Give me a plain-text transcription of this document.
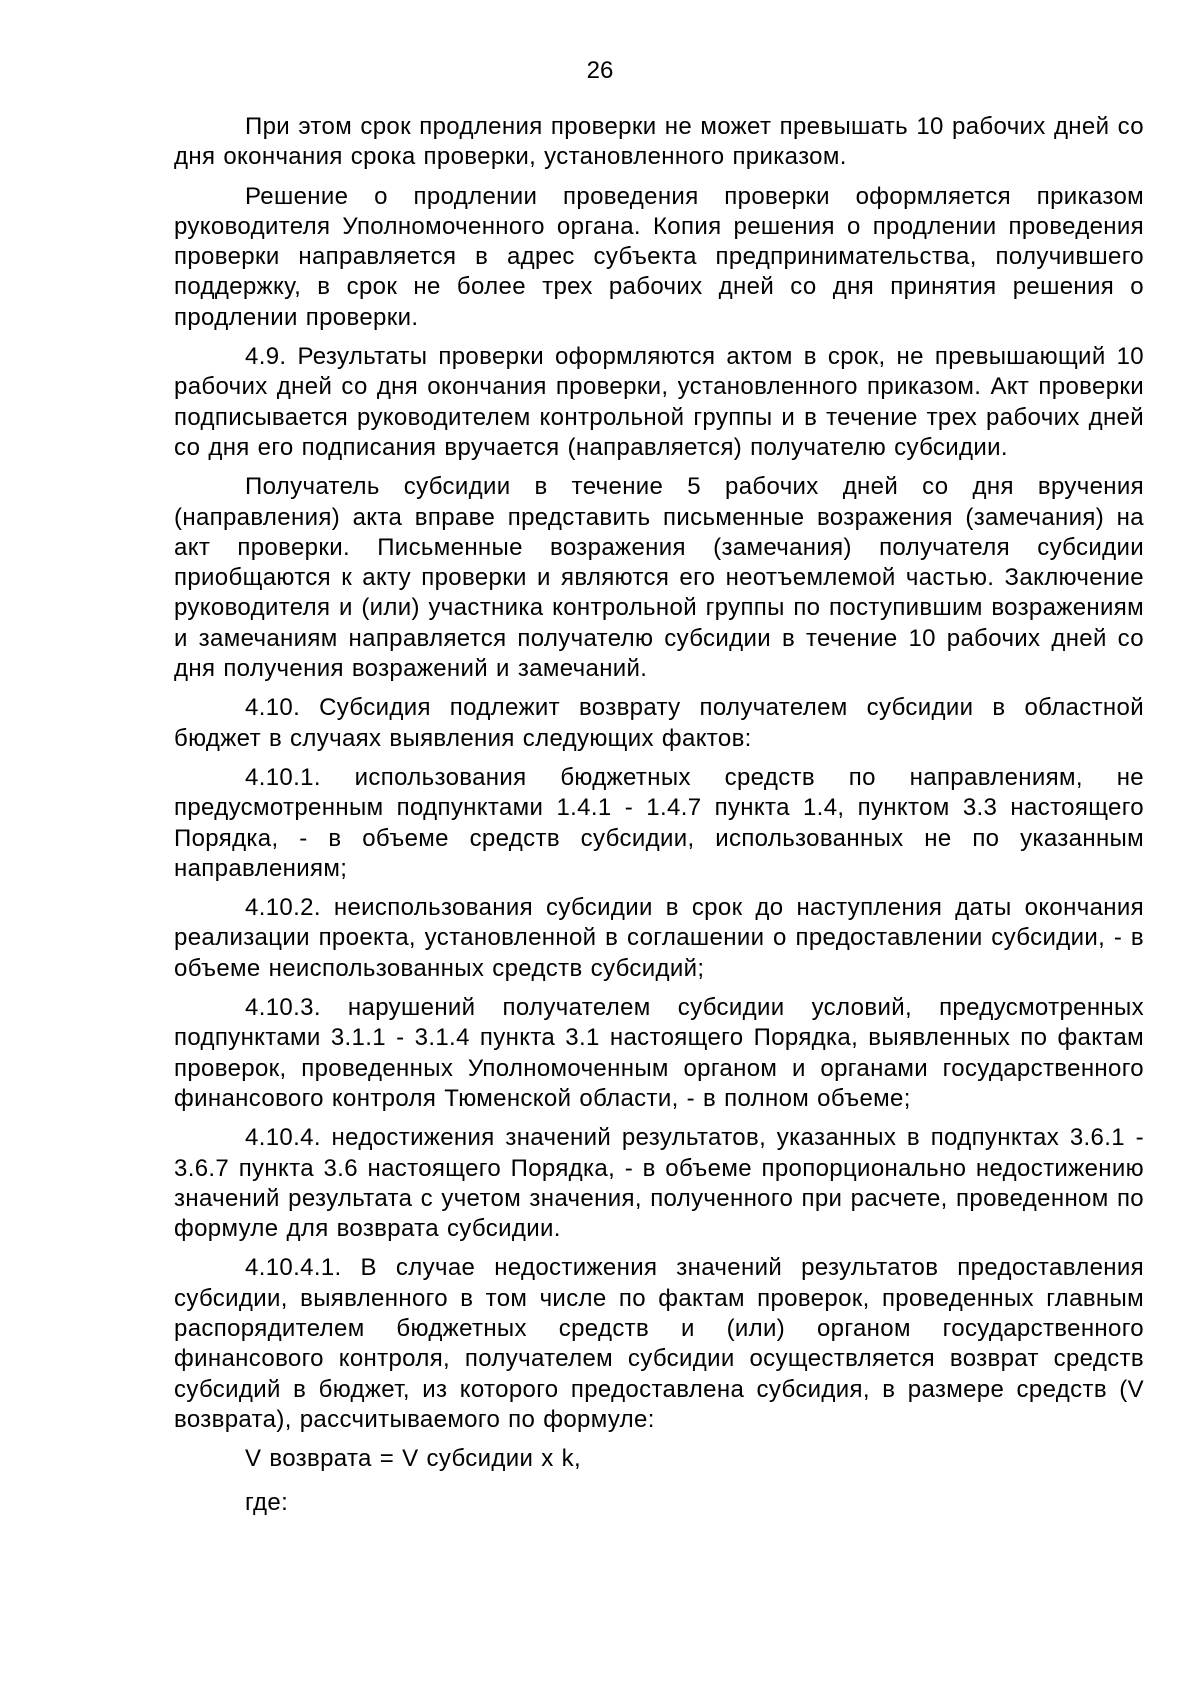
26

При этом срок продления проверки не может превышать 10 рабочих дней со дня окончания срока проверки, установленного приказом.

Решение о продлении проведения проверки оформляется приказом руководителя Уполномоченного органа. Копия решения о продлении проведения проверки направляется в адрес субъекта предпринимательства, получившего поддержку, в срок не более трех рабочих дней со дня принятия решения о продлении проверки.

4.9. Результаты проверки оформляются актом в срок, не превышающий 10 рабочих дней со дня окончания проверки, установленного приказом. Акт проверки подписывается руководителем контрольной группы и в течение трех рабочих дней со дня его подписания вручается (направляется) получателю субсидии.

Получатель субсидии в течение 5 рабочих дней со дня вручения (направления) акта вправе представить письменные возражения (замечания) на акт проверки. Письменные возражения (замечания) получателя субсидии приобщаются к акту проверки и являются его неотъемлемой частью. Заключение руководителя и (или) участника контрольной группы по поступившим возражениям и замечаниям направляется получателю субсидии в течение 10 рабочих дней со дня получения возражений и замечаний.

4.10. Субсидия подлежит возврату получателем субсидии в областной бюджет в случаях выявления следующих фактов:

4.10.1. использования бюджетных средств по направлениям, не предусмотренным подпунктами 1.4.1 - 1.4.7 пункта 1.4, пунктом 3.3 настоящего Порядка, - в объеме средств субсидии, использованных не по указанным направлениям;

4.10.2. неиспользования субсидии в срок до наступления даты окончания реализации проекта, установленной в соглашении о предоставлении субсидии, - в объеме неиспользованных средств субсидий;

4.10.3. нарушений получателем субсидии условий, предусмотренных подпунктами 3.1.1 - 3.1.4 пункта 3.1 настоящего Порядка, выявленных по фактам проверок, проведенных Уполномоченным органом и органами государственного финансового контроля Тюменской области, - в полном объеме;

4.10.4. недостижения значений результатов, указанных в подпунктах 3.6.1 - 3.6.7 пункта 3.6 настоящего Порядка, - в объеме пропорционально недостижению значений результата с учетом значения, полученного при расчете, проведенном по формуле для возврата субсидии.

4.10.4.1. В случае недостижения значений результатов предоставления субсидии, выявленного в том числе по фактам проверок, проведенных главным распорядителем бюджетных средств и (или) органом государственного финансового контроля, получателем субсидии осуществляется возврат средств субсидий в бюджет, из которого предоставлена субсидия, в размере средств (V возврата), рассчитываемого по формуле:

V возврата = V субсидии x k,

где:
